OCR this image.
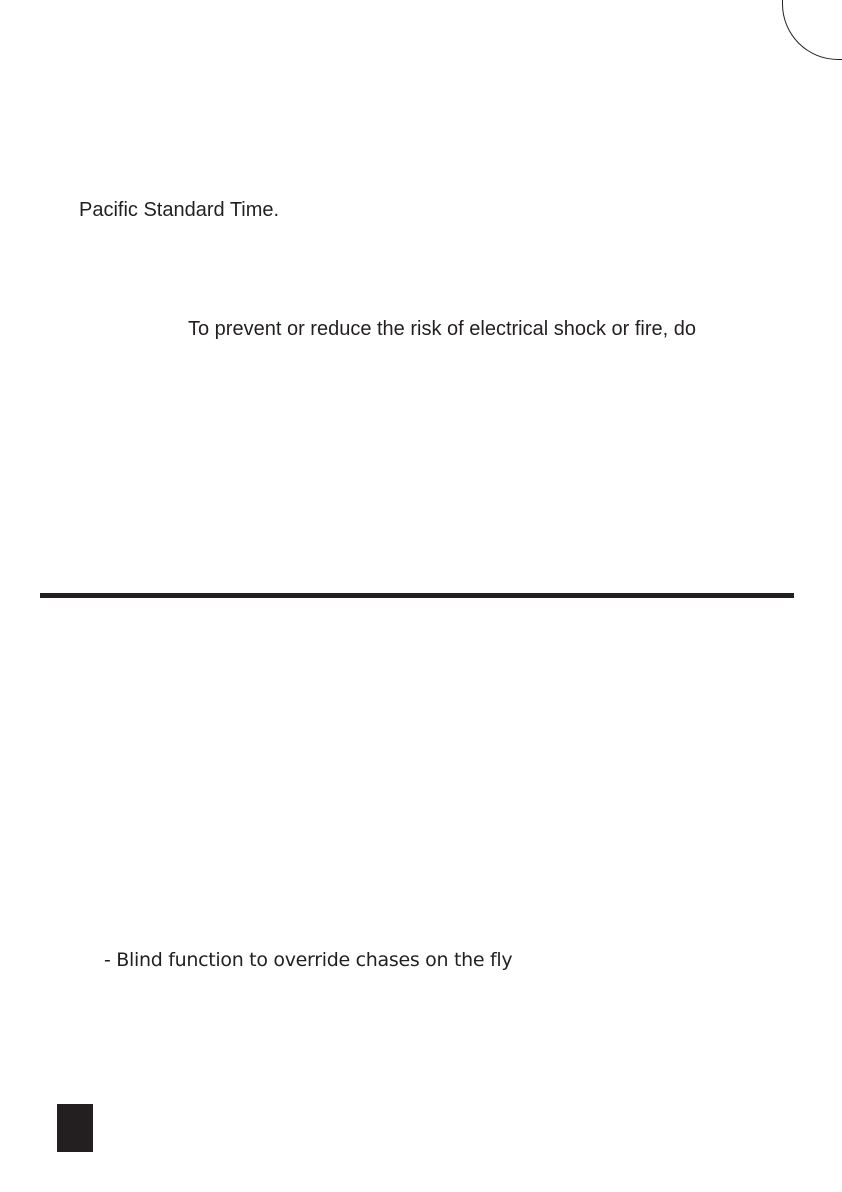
Pacific Standard Time.
To prevent or reduce the risk of electrical shock or fire, do
- Blind function to override chases on the fly
